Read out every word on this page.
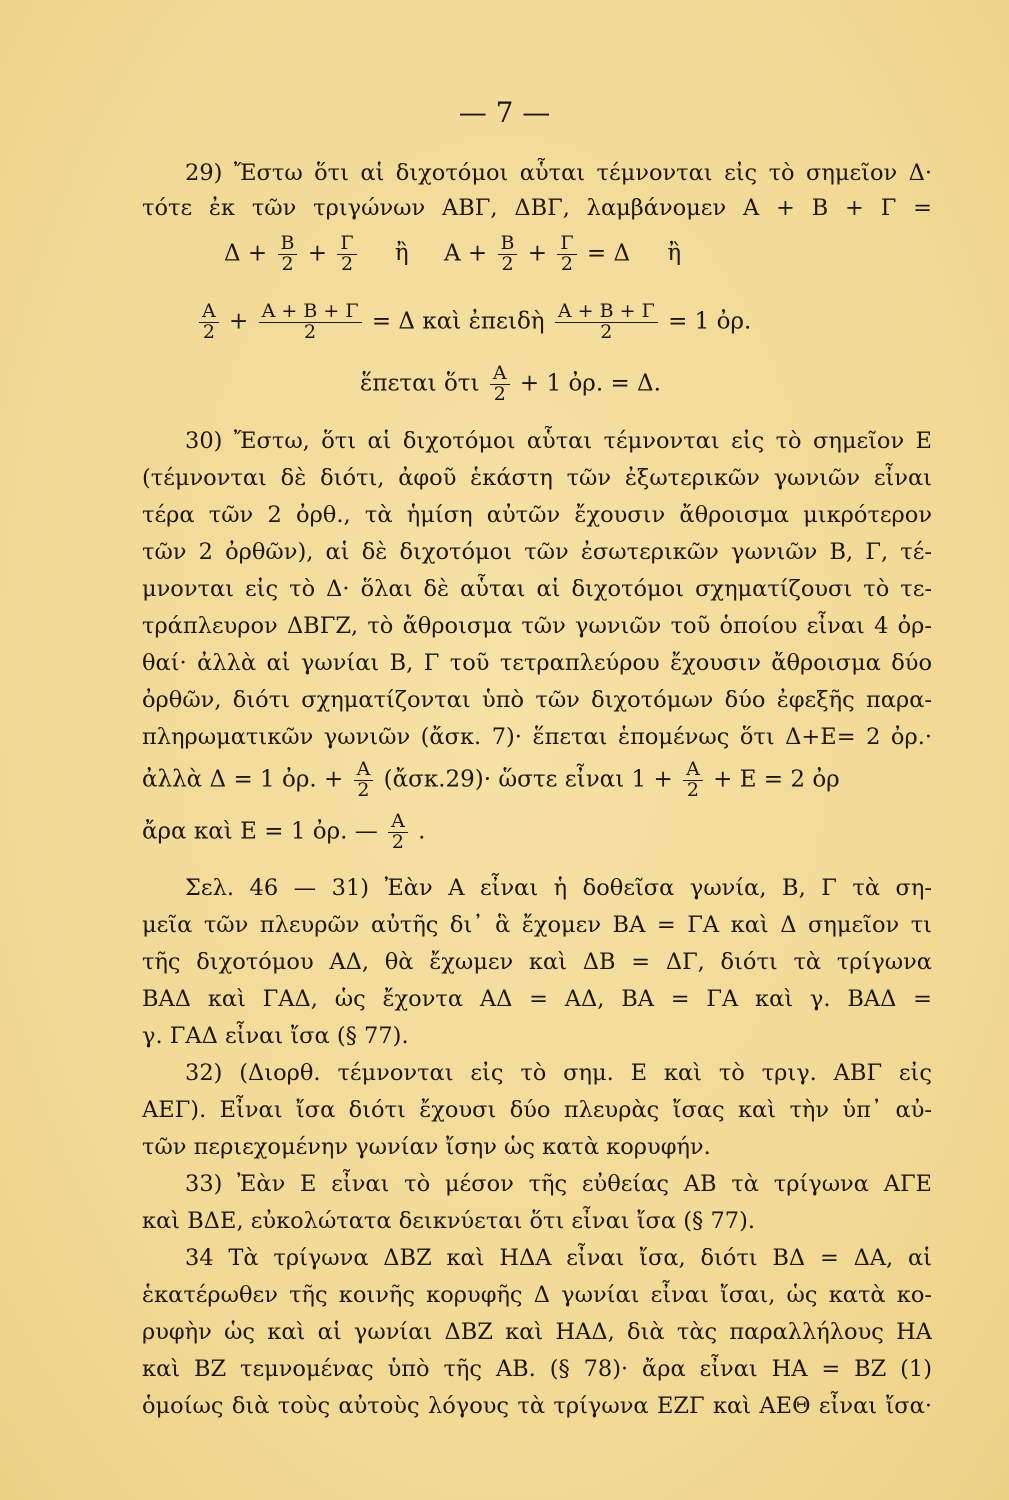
— 7 —
29) Ἔστω ὅτι αἱ διχοτόμοι αὗται τέμνονται εἰς τὸ σημεῖον Δ·
τότε ἐκ τῶν τριγώνων ΑΒΓ, ΔΒΓ, λαμβάνομεν Α + Β + Γ =
$\Delta + \frac{B}{2} + \frac{\Gamma}{2}$ ἢ $A + \frac{B}{2} + \frac{\Gamma}{2} = \Delta$ ἢ
$\frac{A}{2} + \frac{A + B + \Gamma}{2} = \Delta$ καὶ ἐπειδὴ $\frac{A + B + \Gamma}{2} = 1$ ὀρ.
ἕπεται ὅτι $\frac{A}{2} + 1$ ὀρ. = Δ.
30) Ἔστω, ὅτι αἱ διχοτόμοι αὗται τέμνονται εἰς τὸ σημεῖον Ε
(τέμνονται δὲ διότι, ἀφοῦ ἑκάστη τῶν ἐξωτερικῶν γωνιῶν εἶναι
τέρα τῶν 2 ὀρθ., τὰ ἡμίση αὐτῶν ἔχουσιν ἄθροισμα μικρότερον
τῶν 2 ὀρθῶν), αἱ δὲ διχοτόμοι τῶν ἐσωτερικῶν γωνιῶν Β, Γ, τέ-
μνονται εἰς τὸ Δ· ὅλαι δὲ αὗται αἱ διχοτόμοι σχηματίζουσι τὸ τε-
τράπλευρον ΔΒΓΖ, τὸ ἄθροισμα τῶν γωνιῶν τοῦ ὁποίου εἶναι 4 ὀρ-
θαί· ἀλλὰ αἱ γωνίαι Β, Γ τοῦ τετραπλεύρου ἔχουσιν ἄθροισμα δύο
ὀρθῶν, διότι σχηματίζονται ὑπὸ τῶν διχοτόμων δύο ἐφεξῆς παρα-
πληρωματικῶν γωνιῶν (ἄσκ. 7)· ἕπεται ἑπομένως ὅτι Δ+Ε= 2 ὀρ.·
ἀλλὰ Δ = 1 ὀρ. + $\frac{A}{2}$ (ἄσκ.29)· ὥστε εἶναι $1 + \frac{A}{2} + E = 2$ ὀρ
ἄρα καὶ Ε = 1 ὀρ. — $\frac{A}{2}$ .
Σελ. 46 — 31) Ἐὰν Α εἶναι ἡ δοθεῖσα γωνία, Β, Γ τὰ ση-
μεῖα τῶν πλευρῶν αὐτῆς δι᾽ ἃ ἔχομεν ΒΑ = ΓΑ καὶ Δ σημεῖον τι
τῆς διχοτόμου ΑΔ, θὰ ἔχωμεν καὶ ΔΒ = ΔΓ, διότι τὰ τρίγωνα
ΒΑΔ καὶ ΓΑΔ, ὡς ἔχοντα ΑΔ = ΑΔ, ΒΑ = ΓΑ καὶ γ. ΒΑΔ =
γ. ΓΑΔ εἶναι ἴσα (§ 77).
32) (Διορθ. τέμνονται εἰς τὸ σημ. Ε καὶ τὸ τριγ. ΑΒΓ εἰς
ΑΕΓ). Εἶναι ἴσα διότι ἔχουσι δύο πλευρὰς ἴσας καὶ τὴν ὑπ᾽ αὐ-
τῶν περιεχομένην γωνίαν ἴσην ὡς κατὰ κορυφήν.
33) Ἐὰν Ε εἶναι τὸ μέσον τῆς εὐθείας ΑΒ τὰ τρίγωνα ΑΓΕ
καὶ ΒΔΕ, εὐκολώτατα δεικνύεται ὅτι εἶναι ἴσα (§ 77).
34 Τὰ τρίγωνα ΔΒΖ καὶ ΗΔΑ εἶναι ἴσα, διότι ΒΔ = ΔΑ, αἱ
ἑκατέρωθεν τῆς κοινῆς κορυφῆς Δ γωνίαι εἶναι ἴσαι, ὡς κατὰ κο-
ρυφὴν ὡς καὶ αἱ γωνίαι ΔΒΖ καὶ ΗΑΔ, διὰ τὰς παραλλήλους ΗΑ
καὶ ΒΖ τεμνομένας ὑπὸ τῆς ΑΒ. (§ 78)· ἄρα εἶναι ΗΑ = ΒΖ (1)
ὁμοίως διὰ τοὺς αὐτοὺς λόγους τὰ τρίγωνα ΕΖΓ καὶ ΑΕΘ εἶναι ἴσα·
